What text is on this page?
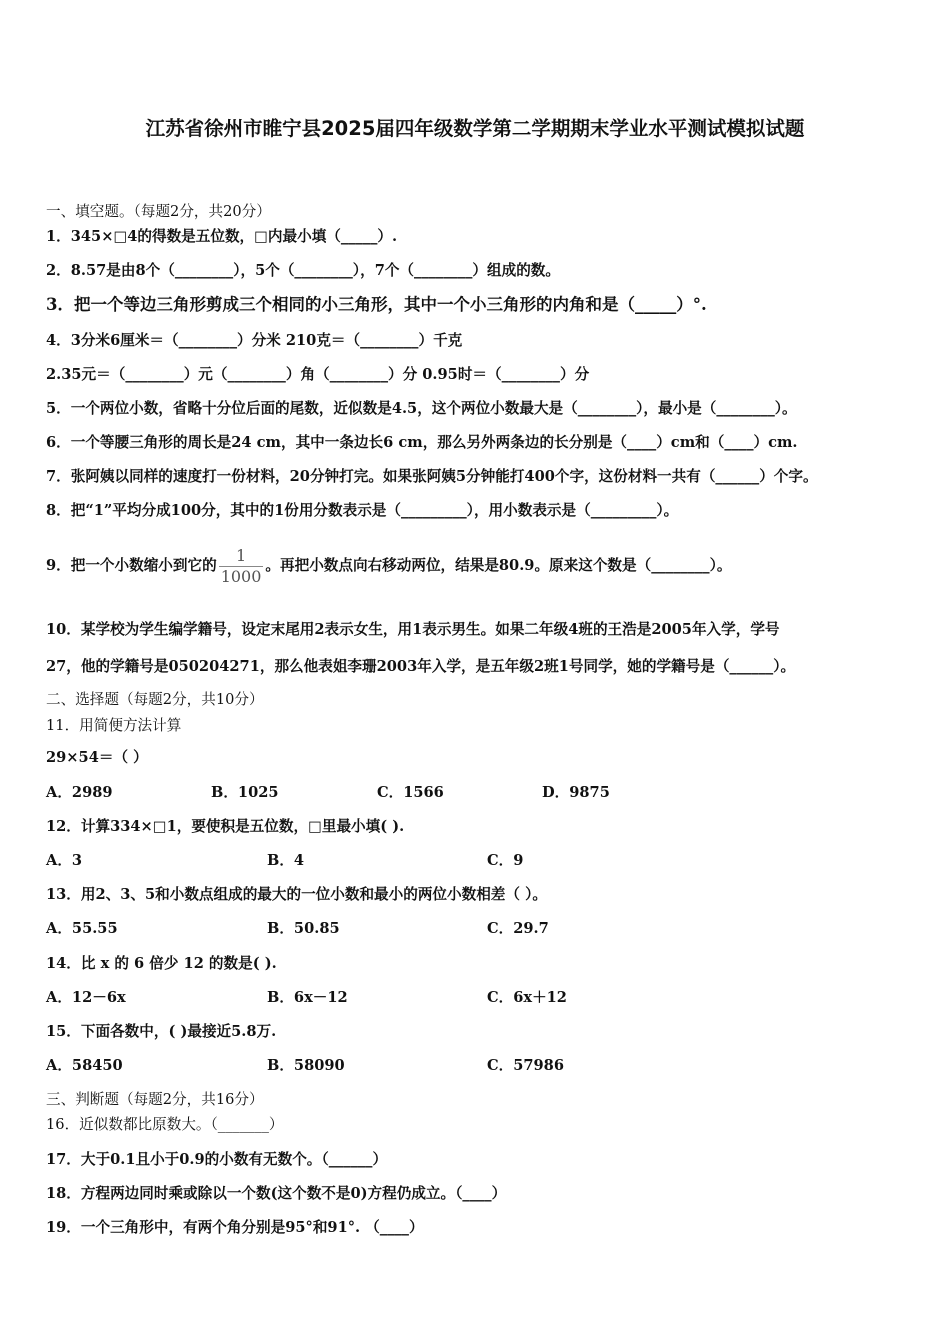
江苏省徐州市睢宁县2025届四年级数学第二学期期末学业水平测试模拟试题
一、填空题。（每题2分，共20分）
1．345×□4的得数是五位数，□内最小填（_____）.
2．8.57是由8个（________），5个（________），7个（________）组成的数。
3．把一个等边三角形剪成三个相同的小三角形，其中一个小三角形的内角和是（_____）°.
4．3分米6厘米＝（________）分米 210克＝（________）千克
2.35元＝（________）元（________）角（________）分 0.95时＝（________）分
5．一个两位小数，省略十分位后面的尾数，近似数是4.5，这个两位小数最大是（________），最小是（________）。
6．一个等腰三角形的周长是24 cm，其中一条边长6 cm，那么另外两条边的长分别是（____）cm和（____）cm.
7．张阿姨以同样的速度打一份材料，20分钟打完。如果张阿姨5分钟能打400个字，这份材料一共有（______）个字。
8．把“1”平均分成100分，其中的1份用分数表示是（_________），用小数表示是（_________）。
9．把一个小数缩小到它的 $\frac{1}{1000}$ 。再把小数点向右移动两位，结果是80.9。原来这个数是（________）。
10．某学校为学生编学籍号，设定末尾用2表示女生，用1表示男生。如果二年级4班的王浩是2005年入学，学号
27，他的学籍号是050204271，那么他表姐李珊2003年入学，是五年级2班1号同学，她的学籍号是（______）。
二、选择题（每题2分，共10分）
11．用简便方法计算
29×54＝（ ）
A．2989	B．1025	C．1566	D．9875
12．计算334×□1，要使积是五位数，□里最小填( ).
A．3	B．4	C．9
13．用2、3、5和小数点组成的最大的一位小数和最小的两位小数相差（ ）。
A．55.55	B．50.85	C．29.7
14．比 x 的 6 倍少 12 的数是( ).
A．12－6x	B．6x－12	C．6x＋12
15．下面各数中，( )最接近5.8万.
A．58450	B．58090	C．57986
三、判断题（每题2分，共16分）
16．近似数都比原数大。（_______）
17．大于0.1且小于0.9的小数有无数个。（______）
18．方程两边同时乘或除以一个数(这个数不是0)方程仍成立。（____）
19．一个三角形中，有两个角分别是95°和91°. （____）
